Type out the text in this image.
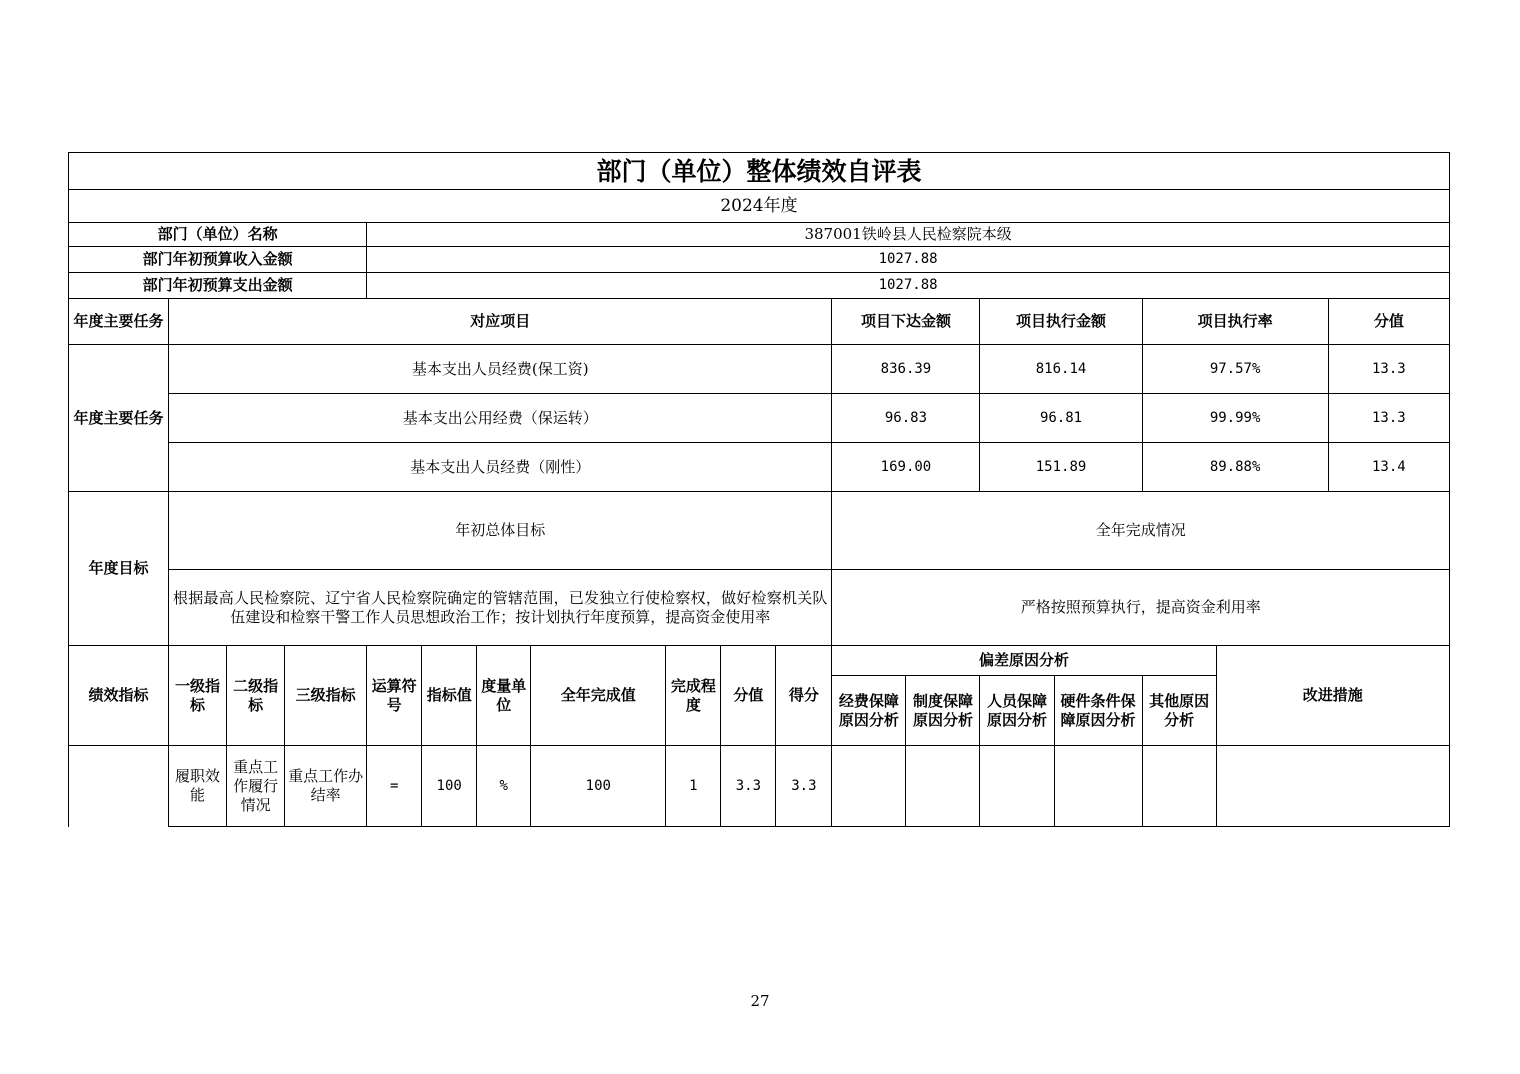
部门（单位）整体绩效自评表																	
2024年度																	
部门（单位）名称				387001铁岭县人民检察院本级													
部门年初预算收入金额				1027.88													
部门年初预算支出金额				1027.88													
年度主要任务	对应项目										项目下达金额		项目执行金额		项目执行率		分值
年度主要任务	基本支出人员经费(保工资)										836.39		816.14		97.57%		13.3
	基本支出公用经费（保运转）										96.83		96.81		99.99%		13.3
	基本支出人员经费（刚性）										169.00		151.89		89.88%		13.4
年度目标	年初总体目标										全年完成情况						
	根据最高人民检察院、辽宁省人民检察院确定的管辖范围，已发独立行使检察权，做好检察机关队伍建设和检察干警工作人员思想政治工作；按计划执行年度预算，提高资金使用率										严格按照预算执行，提高资金利用率						
绩效指标	一级指标	二级指标	三级指标	运算符号	指标值	度量单位	全年完成值	完成程度	分值	得分	偏差原因分析					改进措施	
											经费保障原因分析	制度保障原因分析	人员保障原因分析	硬件条件保障原因分析	其他原因分析		
	履职效能	重点工作履行情况	重点工作办结率	=	100	%	100	1	3.3	3.3							
27
